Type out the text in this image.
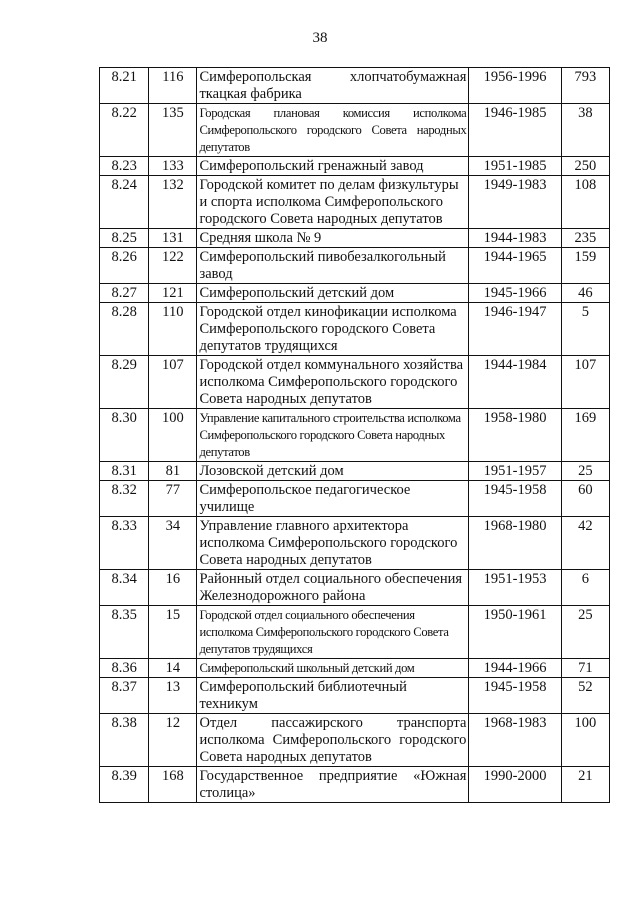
38
8.21	116	Симферопольская хлопчатобумажная ткацкая фабрика	1956-1996	793
8.22	135	Городская плановая комиссия исполкома Симферопольского городского Совета народных депутатов	1946-1985	38
8.23	133	Симферопольский гренажный завод	1951-1985	250
8.24	132	Городской комитет по делам физкультуры и спорта исполкома Симферопольского городского Совета народных депутатов	1949-1983	108
8.25	131	Средняя школа № 9	1944-1983	235
8.26	122	Симферопольский пивобезалкогольный завод	1944-1965	159
8.27	121	Симферопольский детский дом	1945-1966	46
8.28	110	Городской отдел кинофикации исполкома Симферопольского городского Совета депутатов трудящихся	1946-1947	5
8.29	107	Городской отдел коммунального хозяйства исполкома Симферопольского городского Совета народных депутатов	1944-1984	107
8.30	100	Управление капитального строительства исполкома Симферопольского городского Совета народных депутатов	1958-1980	169
8.31	81	Лозовской детский дом	1951-1957	25
8.32	77	Симферопольское педагогическое училище	1945-1958	60
8.33	34	Управление главного архитектора исполкома Симферопольского городского Совета народных депутатов	1968-1980	42
8.34	16	Районный отдел социального обеспечения Железнодорожного района	1951-1953	6
8.35	15	Городской отдел социального обеспечения исполкома Симферопольского городского Совета депутатов трудящихся	1950-1961	25
8.36	14	Симферопольский школьный детский дом	1944-1966	71
8.37	13	Симферопольский библиотечный техникум	1945-1958	52
8.38	12	Отдел пассажирского транспорта исполкома Симферопольского городского Совета народных депутатов	1968-1983	100
8.39	168	Государственное предприятие «Южная столица»	1990-2000	21
